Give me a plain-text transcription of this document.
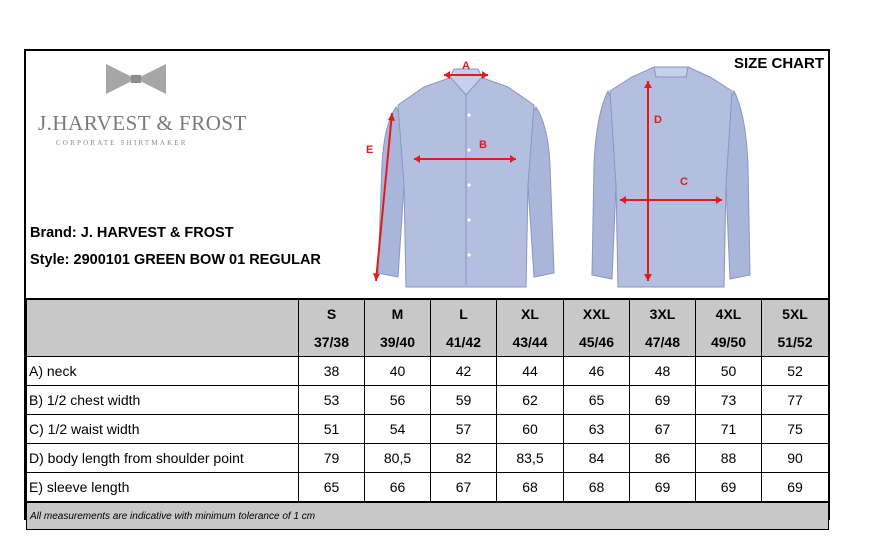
SIZE CHART
J.HARVEST & FROST
CORPORATE SHIRTMAKER
Brand: J. HARVEST & FROST
Style: 2900101 GREEN BOW 01 REGULAR
A
B
E
D
C
	S	M	L	XL	XXL	3XL	4XL	5XL
	37/38	39/40	41/42	43/44	45/46	47/48	49/50	51/52
A) neck	38	40	42	44	46	48	50	52
B) 1/2 chest width	53	56	59	62	65	69	73	77
C) 1/2 waist width	51	54	57	60	63	67	71	75
D) body length from shoulder point	79	80,5	82	83,5	84	86	88	90
E) sleeve length	65	66	67	68	68	69	69	69
All measurements are indicative with minimum tolerance of 1 cm								
